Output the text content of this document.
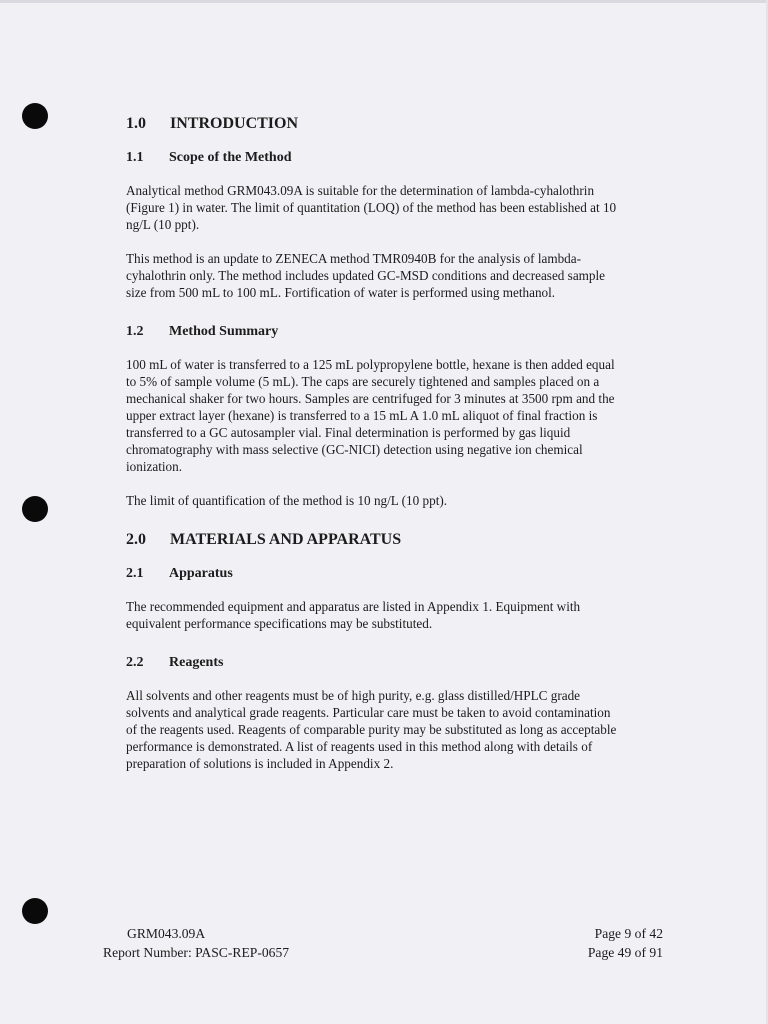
1.0 INTRODUCTION
1.1 Scope of the Method
Analytical method GRM043.09A is suitable for the determination of lambda-cyhalothrin
(Figure 1) in water. The limit of quantitation (LOQ) of the method has been established at 10
ng/L (10 ppt).
This method is an update to ZENECA method TMR0940B for the analysis of lambda-
cyhalothrin only. The method includes updated GC-MSD conditions and decreased sample
size from 500 mL to 100 mL. Fortification of water is performed using methanol.
1.2 Method Summary
100 mL of water is transferred to a 125 mL polypropylene bottle, hexane is then added equal
to 5% of sample volume (5 mL). The caps are securely tightened and samples placed on a
mechanical shaker for two hours. Samples are centrifuged for 3 minutes at 3500 rpm and the
upper extract layer (hexane) is transferred to a 15 mL A 1.0 mL aliquot of final fraction is
transferred to a GC autosampler vial. Final determination is performed by gas liquid
chromatography with mass selective (GC-NICI) detection using negative ion chemical
ionization.
The limit of quantification of the method is 10 ng/L (10 ppt).
2.0 MATERIALS AND APPARATUS
2.1 Apparatus
The recommended equipment and apparatus are listed in Appendix 1. Equipment with
equivalent performance specifications may be substituted.
2.2 Reagents
All solvents and other reagents must be of high purity, e.g. glass distilled/HPLC grade
solvents and analytical grade reagents. Particular care must be taken to avoid contamination
of the reagents used. Reagents of comparable purity may be substituted as long as acceptable
performance is demonstrated. A list of reagents used in this method along with details of
preparation of solutions is included in Appendix 2.
GRM043.09A
Report Number: PASC-REP-0657
Page 9 of 42
Page 49 of 91
